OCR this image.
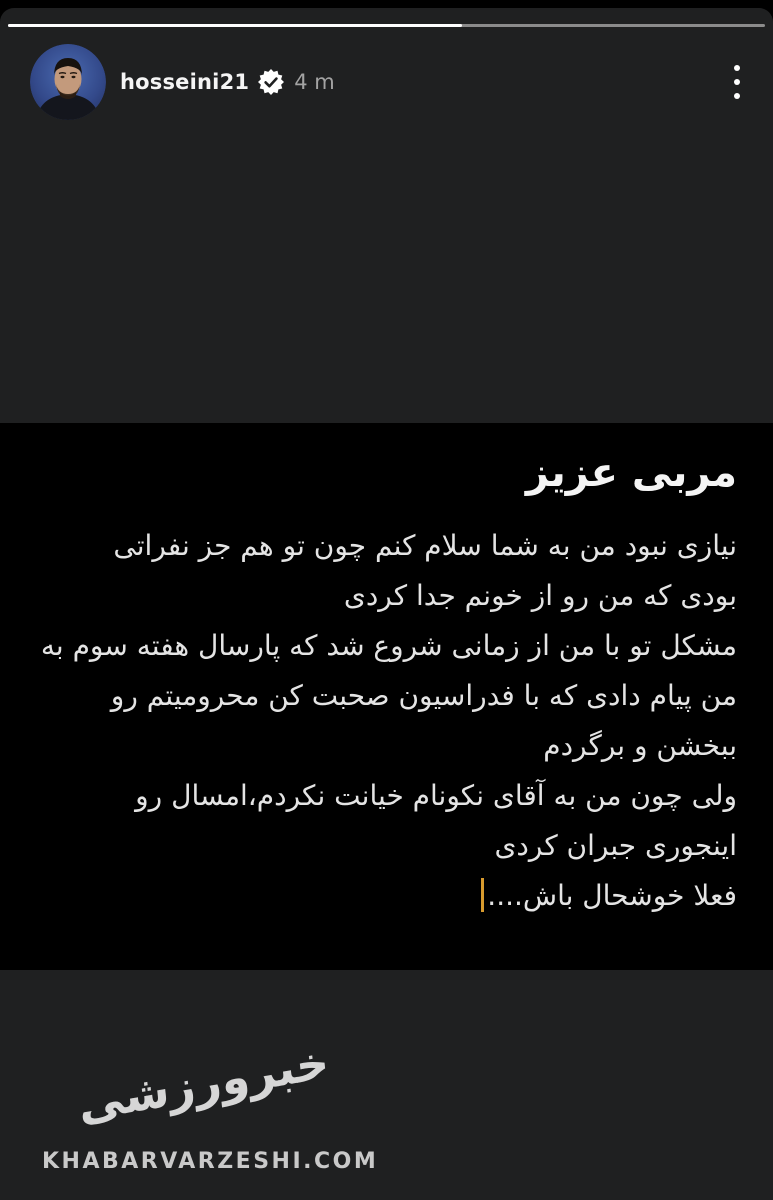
hosseini21 4 m
مربی عزیز
نیازی نبود من به شما سلام کنم چون تو هم جز نفراتی
بودی که من رو از خونم جدا کردی
مشکل تو با من از زمانی شروع شد که پارسال هفته سوم به
من پیام دادی که با فدراسیون صحبت کن محرومیتم رو
ببخشن و برگردم
ولی چون من به آقای نکونام خیانت نکردم،امسال رو
اینجوری جبران کردی
فعلا خوشحال باش....
خبرورزشی
KHABARVARZESHI.COM
